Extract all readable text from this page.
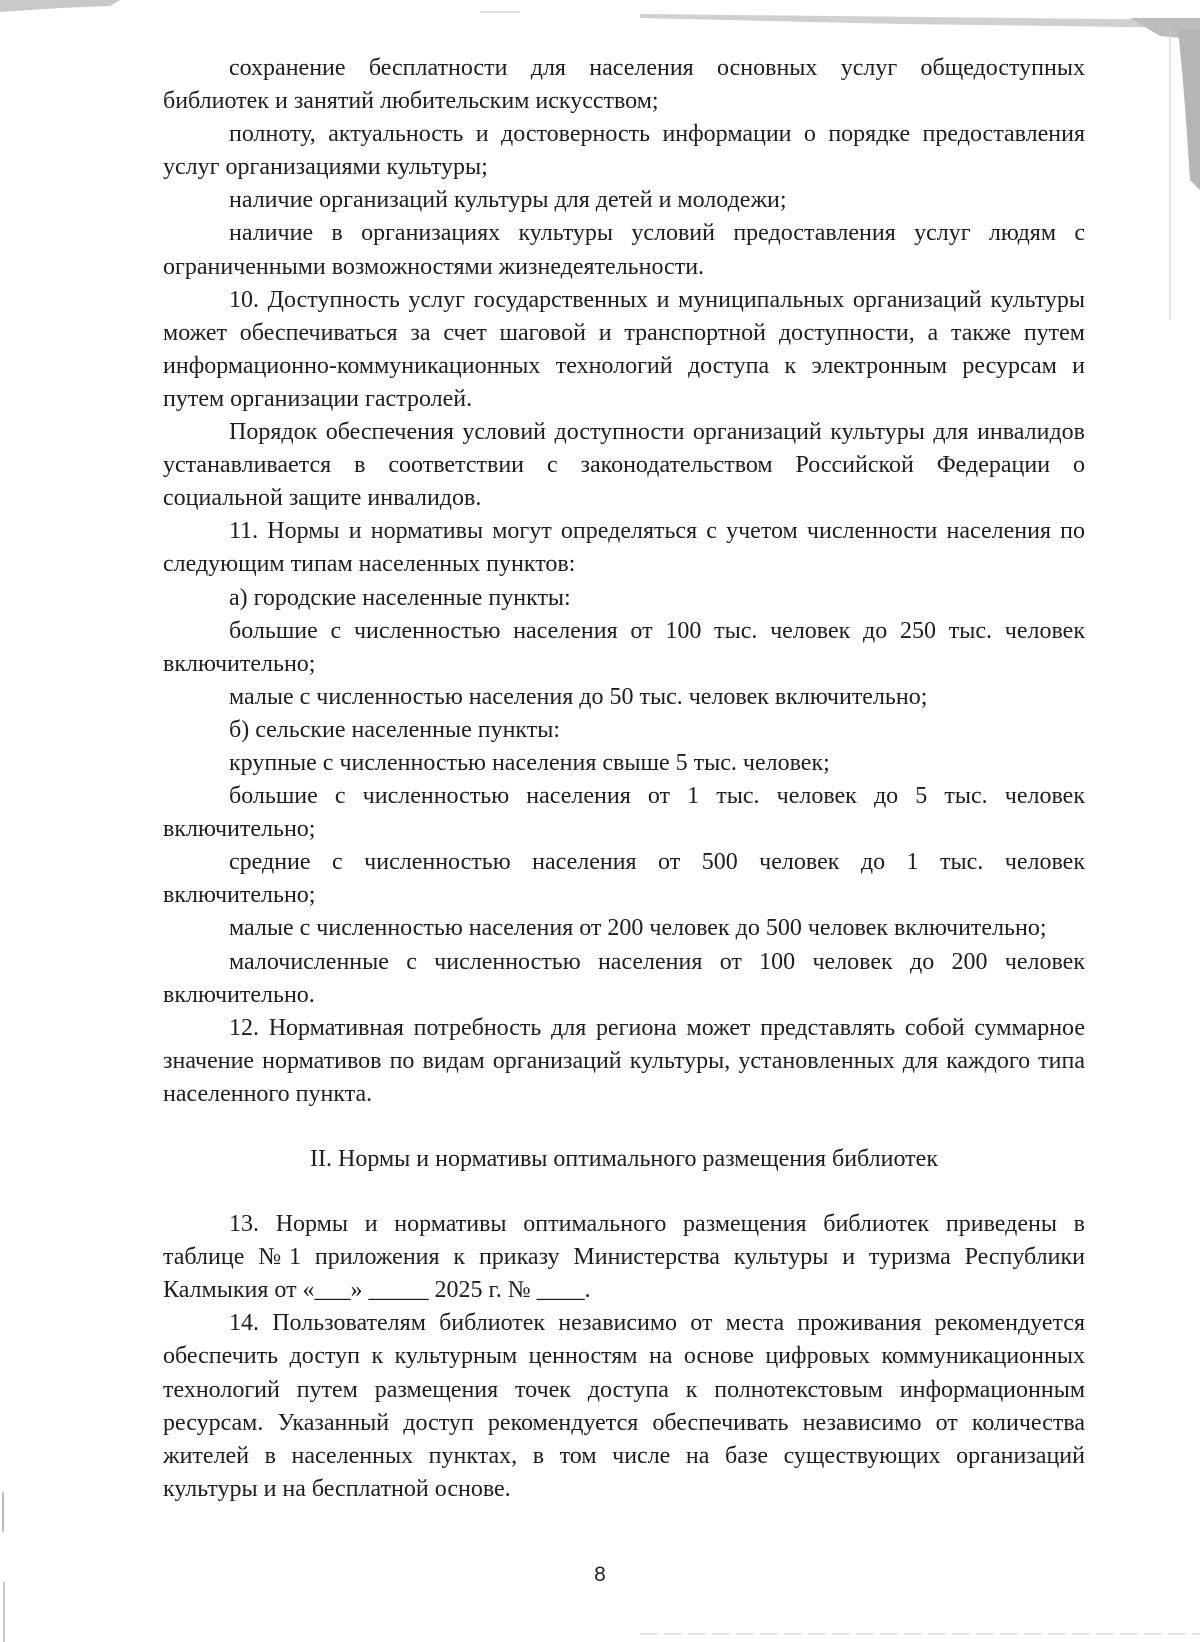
сохранение бесплатности для населения основных услуг общедоступных библиотек и занятий любительским искусством;

полноту, актуальность и достоверность информации о порядке предоставления услуг организациями культуры;

наличие организаций культуры для детей и молодежи;

наличие в организациях культуры условий предоставления услуг людям с ограниченными возможностями жизнедеятельности.

10. Доступность услуг государственных и муниципальных организаций культуры может обеспечиваться за счет шаговой и транспортной доступности, а также путем информационно-коммуникационных технологий доступа к электронным ресурсам и путем организации гастролей.

Порядок обеспечения условий доступности организаций культуры для инвалидов устанавливается в соответствии с законодательством Российской Федерации о социальной защите инвалидов.

11. Нормы и нормативы могут определяться с учетом численности населения по следующим типам населенных пунктов:

а) городские населенные пункты:

большие с численностью населения от 100 тыс. человек до 250 тыс. человек включительно;

малые с численностью населения до 50 тыс. человек включительно;

б) сельские населенные пункты:

крупные с численностью населения свыше 5 тыс. человек;

большие с численностью населения от 1 тыс. человек до 5 тыс. человек включительно;

средние с численностью населения от 500 человек до 1 тыс. человек включительно;

малые с численностью населения от 200 человек до 500 человек включительно;

малочисленные с численностью населения от 100 человек до 200 человек включительно.

12. Нормативная потребность для региона может представлять собой суммарное значение нормативов по видам организаций культуры, установленных для каждого типа населенного пункта.

II. Нормы и нормативы оптимального размещения библиотек

13. Нормы и нормативы оптимального размещения библиотек приведены в таблице №1 приложения к приказу Министерства культуры и туризма Республики Калмыкия от «___» _____ 2025 г. № ____.

14. Пользователям библиотек независимо от места проживания рекомендуется обеспечить доступ к культурным ценностям на основе цифровых коммуникационных технологий путем размещения точек доступа к полнотекстовым информационным ресурсам. Указанный доступ рекомендуется обеспечивать независимо от количества жителей в населенных пунктах, в том числе на базе существующих организаций культуры и на бесплатной основе.

8
